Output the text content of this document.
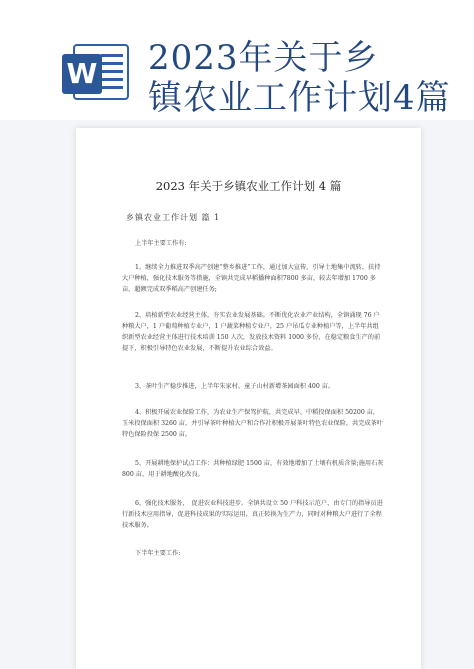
W 2023年关于乡
镇农业工作计划4篇
2023 年关于乡镇农业工作计划 4 篇
乡镇农业工作计划 篇 1

上半年主要工作有:

1、继续全力推进双季高产创建“整乡推进”工作，通过加大宣传，引导土地集中流转，扶持大户种植，强化技术服务等措施，全镇共完成早稻播种面积7800 多亩，较去年增加 1700 多亩，超额完成双季稻高产创建任务;

2、培植新型农业经营主体，夯实农业发展基础。不断优化农业产业结构，全镇涌现 76 户种粮大户，1 户葡萄种植专业户，1 户蔬菜种植专业户，25 户吊瓜专业种植户等，上半年共组织新型农业经营主体进行技术培训 150 人次，发放技术资料 1000 多份，在稳定粮食生产的前提下，积极引导特色农业发展，不断提升农业综合效益。

3、茶叶生产稳步推进，上半年朱家村、童子山村新增茶园面积 400 亩。

4、积极开展农业保险工作，为农业生产保驾护航，共完成早、中稻投保面积 50200 亩，玉米投保面积 3260 亩，并引导茶叶种植大户和合作社积极开展茶叶特色农业保险，共完成茶叶特色保险投保 2500 亩。

5、开展耕地保护试点工作：共种植绿肥 1500 亩，有效地增加了土壤有机质含量;施用石灰 800 亩，用于耕地酸化改良。

6、强化技术服务，　促进农业科技进步。全镇共设立 50 户科技示范户，由专门的指导员进行新技术应用指导，促进科技成果的实际运用，真正转换为生产力，同时对种粮大户进行了全程技术服务。

下半年主要工作:
